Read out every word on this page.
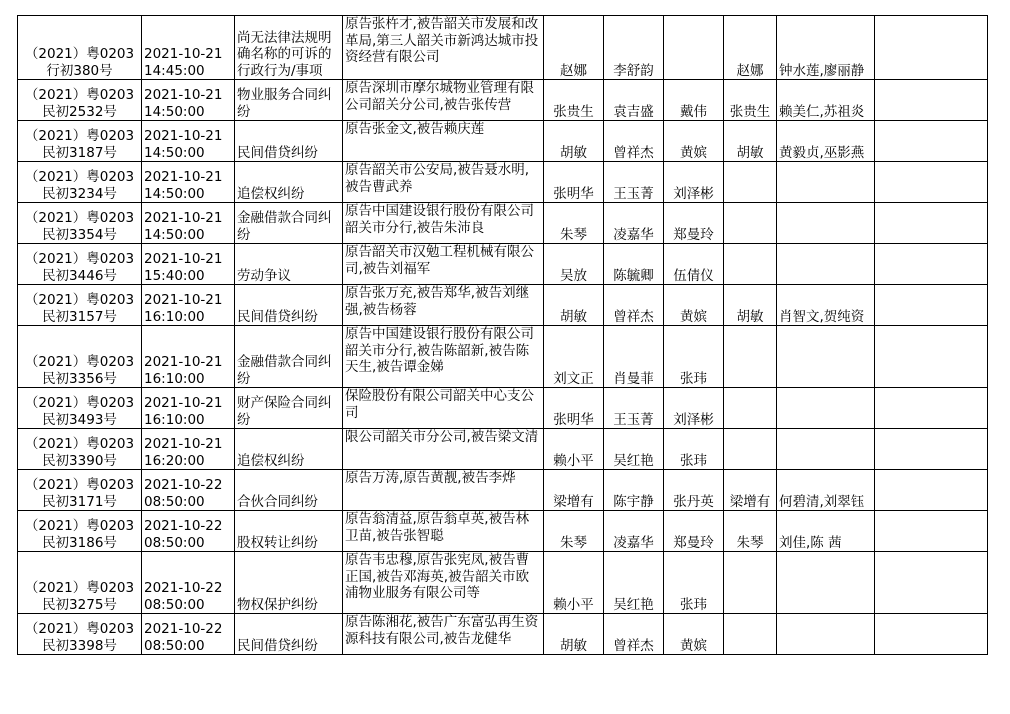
（2021）粤0203行初380号	2021-10-21 14:45:00	尚无法律法规明确名称的可诉的行政行为/事项	原告张杵才,被告韶关市发展和改革局,第三人韶关市新鸿达城市投资经营有限公司	赵娜	李舒韵		赵娜	钟水莲,廖丽静	
（2021）粤0203民初2532号	2021-10-21 14:50:00	物业服务合同纠纷	原告深圳市摩尔城物业管理有限公司韶关分公司,被告张传营	张贵生	袁吉盛	戴伟	张贵生	赖美仁,苏祖炎	
（2021）粤0203民初3187号	2021-10-21 14:50:00	民间借贷纠纷	原告张金文,被告赖庆莲	胡敏	曾祥杰	黄嫔	胡敏	黄毅贞,巫影燕	
（2021）粤0203民初3234号	2021-10-21 14:50:00	追偿权纠纷	原告韶关市公安局,被告聂水明,被告曹武养	张明华	王玉菁	刘泽彬			
（2021）粤0203民初3354号	2021-10-21 14:50:00	金融借款合同纠纷	原告中国建设银行股份有限公司韶关市分行,被告朱沛良	朱琴	凌嘉华	郑曼玲			
（2021）粤0203民初3446号	2021-10-21 15:40:00	劳动争议	原告韶关市汉勉工程机械有限公司,被告刘福军	吴放	陈毓卿	伍倩仪			
（2021）粤0203民初3157号	2021-10-21 16:10:00	民间借贷纠纷	原告张万充,被告郑华,被告刘继强,被告杨蓉	胡敏	曾祥杰	黄嫔	胡敏	肖智文,贺纯资	
（2021）粤0203民初3356号	2021-10-21 16:10:00	金融借款合同纠纷	原告中国建设银行股份有限公司韶关市分行,被告陈韶新,被告陈天生,被告谭金娣	刘文正	肖曼菲	张玮			
（2021）粤0203民初3493号	2021-10-21 16:10:00	财产保险合同纠纷	保险股份有限公司韶关中心支公司	张明华	王玉菁	刘泽彬			
（2021）粤0203民初3390号	2021-10-21 16:20:00	追偿权纠纷	限公司韶关市分公司,被告梁文清	赖小平	吴红艳	张玮			
（2021）粤0203民初3171号	2021-10-22 08:50:00	合伙合同纠纷	原告万涛,原告黄靓,被告李烨	梁增有	陈宇静	张丹英	梁增有	何碧清,刘翠钰	
（2021）粤0203民初3186号	2021-10-22 08:50:00	股权转让纠纷	原告翁清益,原告翁卓英,被告林卫苗,被告张智聪	朱琴	凌嘉华	郑曼玲	朱琴	刘佳,陈 茜	
（2021）粤0203民初3275号	2021-10-22 08:50:00	物权保护纠纷	原告韦忠穆,原告张宪凤,被告曹正国,被告邓海英,被告韶关市欧浦物业服务有限公司等	赖小平	吴红艳	张玮			
（2021）粤0203民初3398号	2021-10-22 08:50:00	民间借贷纠纷	原告陈湘花,被告广东富弘再生资源科技有限公司,被告龙健华	胡敏	曾祥杰	黄嫔			
